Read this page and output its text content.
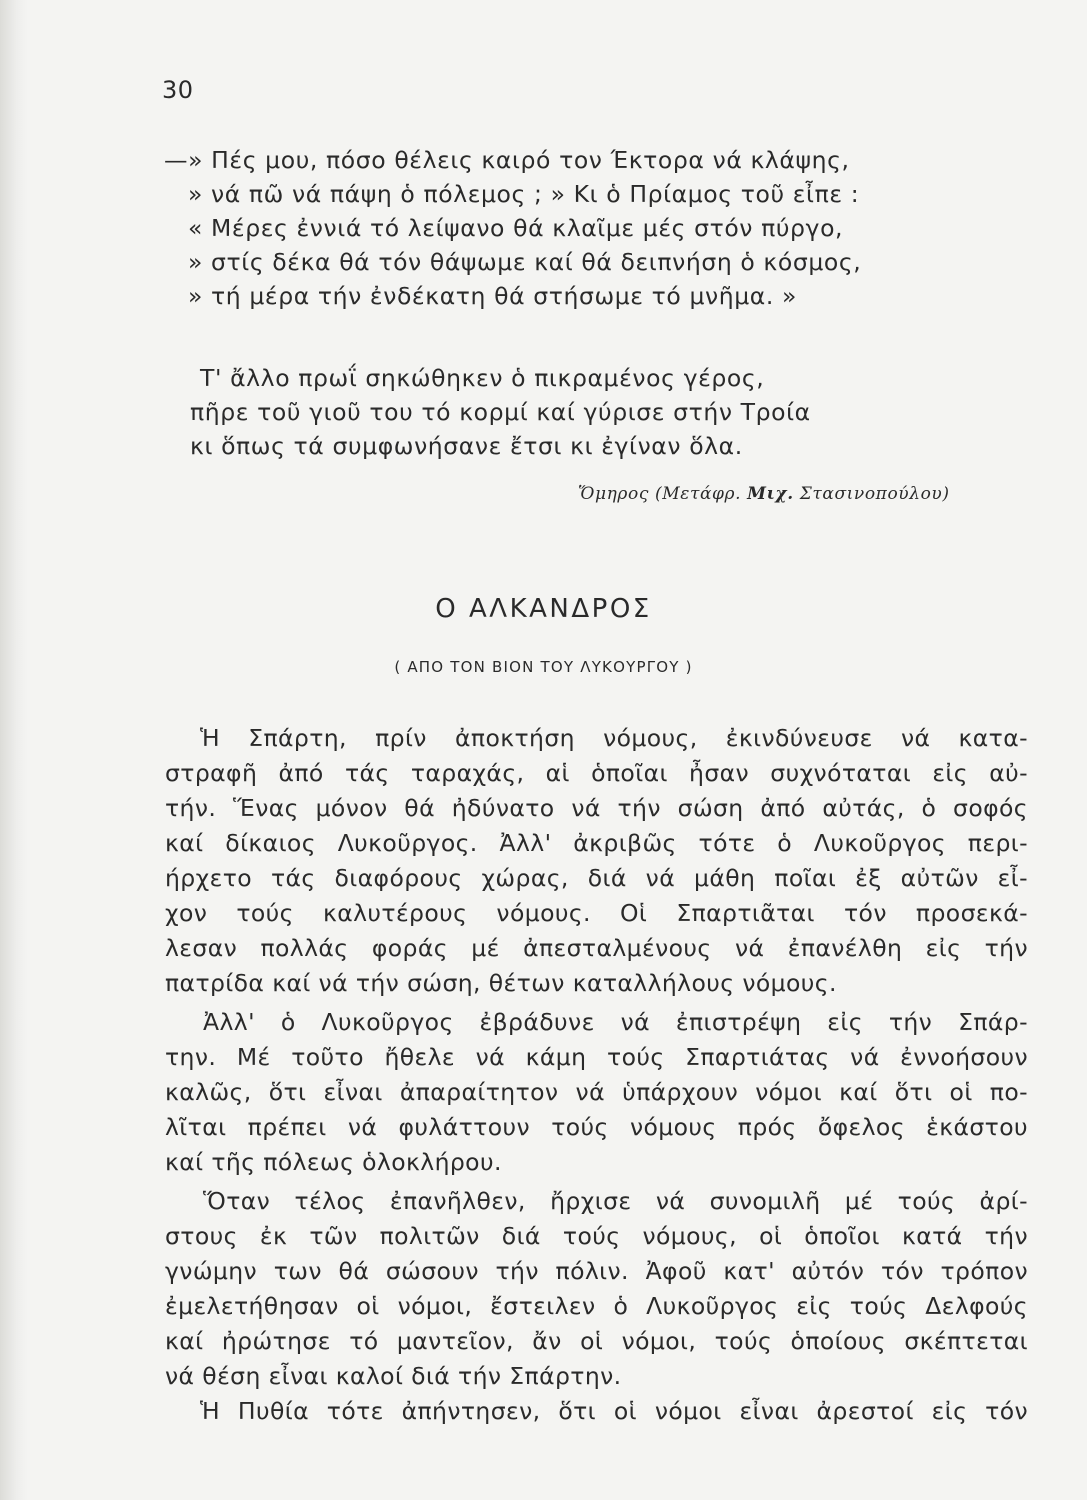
30
—» Πές μου, πόσο θέλεις καιρό τον Έκτορα νά κλάψης,
» νά πῶ νά πάψη ὁ πόλεμος ; » Κι ὁ Πρίαμος τοῦ εἶπε :
« Μέρες ἐννιά τό λείψανο θά κλαῖμε μές στόν πύργο,
» στίς δέκα θά τόν θάψωμε καί θά δειπνήση ὁ κόσμος,
» τή μέρα τήν ἐνδέκατη θά στήσωμε τό μνῆμα. »
Τ' ἄλλο πρωΐ σηκώθηκεν ὁ πικραμένος γέρος,
πῆρε τοῦ γιοῦ του τό κορμί καί γύρισε στήν Τροία
κι ὅπως τά συμφωνήσανε ἔτσι κι ἐγίναν ὅλα.
Ὅμηρος (Μετάφρ. Μιχ. Στασινοπούλου)
Ο ΑΛΚΑΝΔΡΟΣ
( ΑΠΟ ΤΟΝ ΒΙΟΝ ΤΟΥ ΛΥΚΟΥΡΓΟΥ )
Ἡ Σπάρτη, πρίν ἀποκτήση νόμους, ἐκινδύνευσε νά κατα-
στραφῆ ἀπό τάς ταραχάς, αἱ ὁποῖαι ἦσαν συχνόταται εἰς αὐ-
τήν. Ἕνας μόνον θά ἠδύνατο νά τήν σώση ἀπό αὐτάς, ὁ σοφός
καί δίκαιος Λυκοῦργος. Ἀλλ' ἀκριβῶς τότε ὁ Λυκοῦργος περι-
ήρχετο τάς διαφόρους χώρας, διά νά μάθη ποῖαι ἐξ αὐτῶν εἶ-
χον τούς καλυτέρους νόμους. Οἱ Σπαρτιᾶται τόν προσεκά-
λεσαν πολλάς φοράς μέ ἀπεσταλμένους νά ἐπανέλθη εἰς τήν
πατρίδα καί νά τήν σώση, θέτων καταλλήλους νόμους.
Ἀλλ' ὁ Λυκοῦργος ἐβράδυνε νά ἐπιστρέψη εἰς τήν Σπάρ-
την. Μέ τοῦτο ἤθελε νά κάμη τούς Σπαρτιάτας νά ἐννοήσουν
καλῶς, ὅτι εἶναι ἀπαραίτητον νά ὑπάρχουν νόμοι καί ὅτι οἱ πο-
λῖται πρέπει νά φυλάττουν τούς νόμους πρός ὄφελος ἑκάστου
καί τῆς πόλεως ὁλοκλήρου.
Ὅταν τέλος ἐπανῆλθεν, ἤρχισε νά συνομιλῆ μέ τούς ἀρί-
στους ἐκ τῶν πολιτῶν διά τούς νόμους, οἱ ὁποῖοι κατά τήν
γνώμην των θά σώσουν τήν πόλιν. Ἀφοῦ κατ' αὐτόν τόν τρόπον
ἐμελετήθησαν οἱ νόμοι, ἔστειλεν ὁ Λυκοῦργος εἰς τούς Δελφούς
καί ἠρώτησε τό μαντεῖον, ἄν οἱ νόμοι, τούς ὁποίους σκέπτεται
νά θέση εἶναι καλοί διά τήν Σπάρτην.
Ἡ Πυθία τότε ἀπήντησεν, ὅτι οἱ νόμοι εἶναι ἀρεστοί εἰς τόν
